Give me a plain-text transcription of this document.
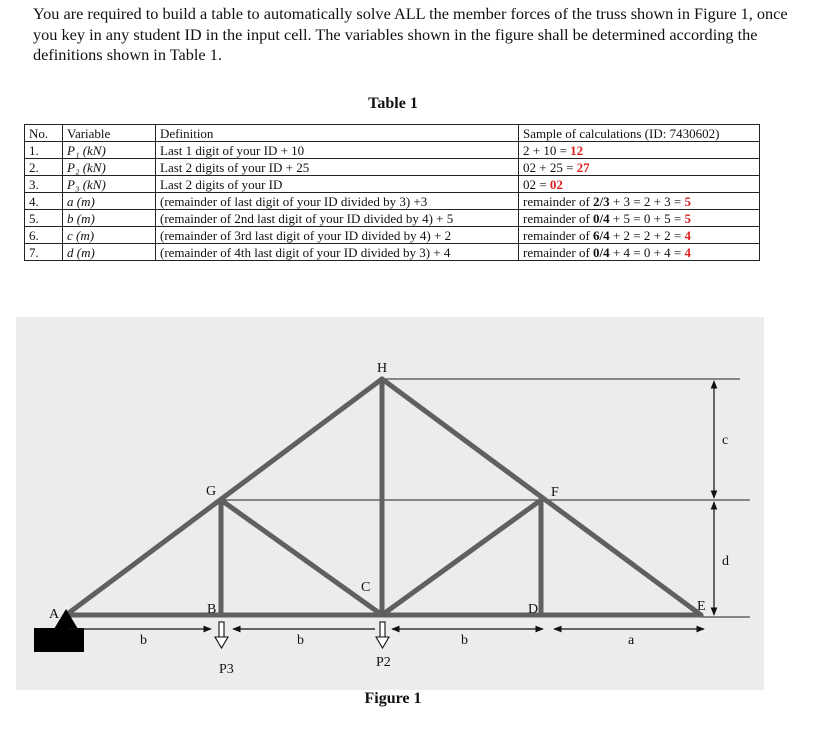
You are required to build a table to automatically solve ALL the member forces of the truss shown in Figure 1, once you key in any student ID in the input cell. The variables shown in the figure shall be determined according the definitions shown in Table 1.
Table 1
No.	Variable	Definition	Sample of calculations (ID: 7430602)
1.	P₁ (kN)	Last 1 digit of your ID + 10	2 + 10 = 12
2.	P₂ (kN)	Last 2 digits of your ID + 25	02 + 25 = 27
3.	P₃ (kN)	Last 2 digits of your ID	02 = 02
4.	a (m)	(remainder of last digit of your ID divided by 3) +3	remainder of 2/3 + 3 = 2 + 3 = 5
5.	b (m)	(remainder of 2nd last digit of your ID divided by 4) + 5	remainder of 0/4 + 5 = 0 + 5 = 5
6.	c (m)	(remainder of 3rd last digit of your ID divided by 4) + 2	remainder of 6/4 + 2 = 2 + 2 = 4
7.	d (m)	(remainder of 4th last digit of your ID divided by 3) + 4	remainder of 0/4 + 4 = 0 + 4 = 4
A	B
C
D	E
F
G
H
b	b	b	a
c
d
P3	P2
Figure 1
